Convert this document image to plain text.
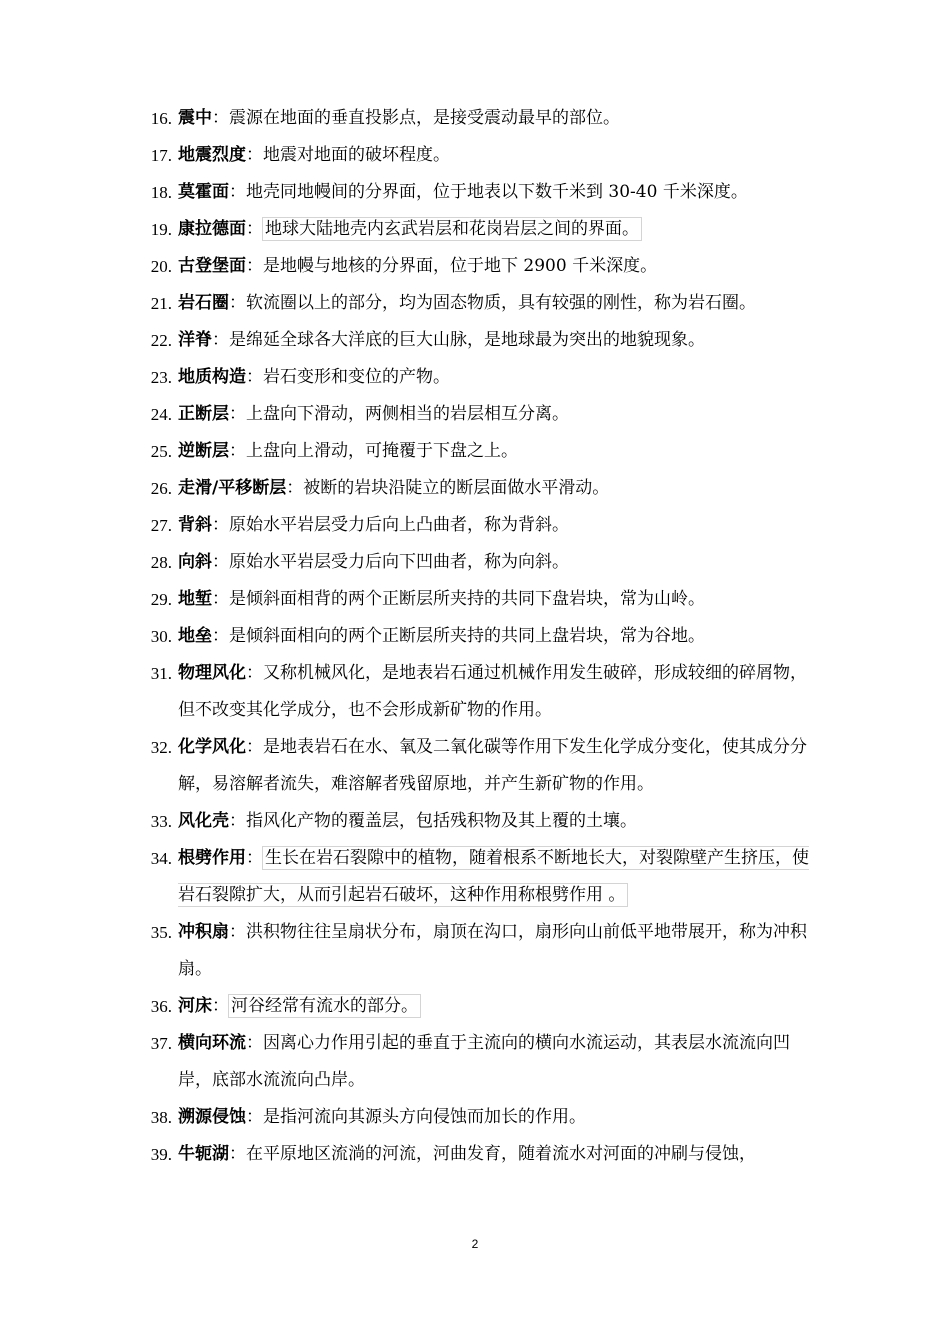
16. 震中：震源在地面的垂直投影点，是接受震动最早的部位。
17. 地震烈度：地震对地面的破坏程度。
18. 莫霍面：地壳同地幔间的分界面，位于地表以下数千米到 30-40 千米深度。
19. 康拉德面： 地球大陆地壳内玄武岩层和花岗岩层之间的界面。
20. 古登堡面：是地幔与地核的分界面，位于地下 2900 千米深度。
21. 岩石圈：软流圈以上的部分，均为固态物质，具有较强的刚性，称为岩石圈。
22. 洋脊：是绵延全球各大洋底的巨大山脉，是地球最为突出的地貌现象。
23. 地质构造：岩石变形和变位的产物。
24. 正断层：上盘向下滑动，两侧相当的岩层相互分离。
25. 逆断层：上盘向上滑动，可掩覆于下盘之上。
26. 走滑/平移断层：被断的岩块沿陡立的断层面做水平滑动。
27. 背斜：原始水平岩层受力后向上凸曲者，称为背斜。
28. 向斜：原始水平岩层受力后向下凹曲者，称为向斜。
29. 地堑：是倾斜面相背的两个正断层所夹持的共同下盘岩块，常为山岭。
30. 地垒：是倾斜面相向的两个正断层所夹持的共同上盘岩块，常为谷地。
31. 物理风化：又称机械风化，是地表岩石通过机械作用发生破碎，形成较细的碎屑物，但不改变其化学成分，也不会形成新矿物的作用。
32. 化学风化：是地表岩石在水、氧及二氧化碳等作用下发生化学成分变化，使其成分分解，易溶解者流失，难溶解者残留原地，并产生新矿物的作用。
33. 风化壳：指风化产物的覆盖层，包括残积物及其上覆的土壤。
34. 根劈作用： 生长在岩石裂隙中的植物，随着根系不断地长大，对裂隙壁产生挤压，使岩石裂隙扩大，从而引起岩石破坏，这种作用称根劈作用 。
35. 冲积扇：洪积物往往呈扇状分布，扇顶在沟口，扇形向山前低平地带展开，称为冲积扇。
36. 河床： 河谷经常有流水的部分。
37. 横向环流：因离心力作用引起的垂直于主流向的横向水流运动，其表层水流流向凹岸，底部水流流向凸岸。
38. 溯源侵蚀：是指河流向其源头方向侵蚀而加长的作用。
39. 牛轭湖：在平原地区流淌的河流，河曲发育，随着流水对河面的冲刷与侵蚀，
2
